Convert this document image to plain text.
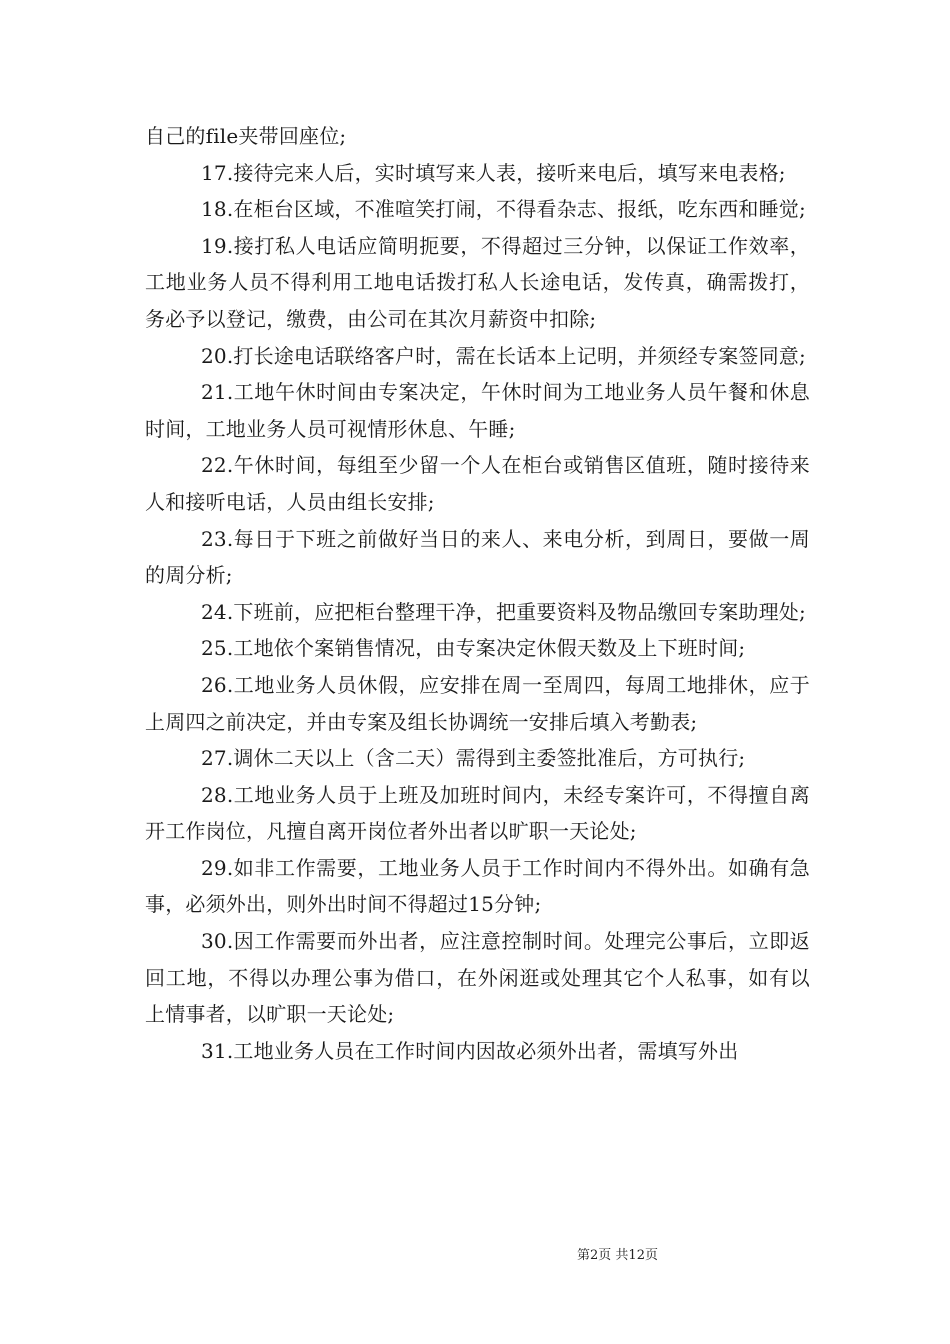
自己的file夹带回座位;

17.接待完来人后，实时填写来人表，接听来电后，填写来电表格;

18.在柜台区域，不准喧笑打闹，不得看杂志、报纸，吃东西和睡觉;

19.接打私人电话应简明扼要，不得超过三分钟，以保证工作效率，工地业务人员不得利用工地电话拨打私人长途电话，发传真，确需拨打，务必予以登记，缴费，由公司在其次月薪资中扣除;

20.打长途电话联络客户时，需在长话本上记明，并须经专案签同意;

21.工地午休时间由专案决定，午休时间为工地业务人员午餐和休息时间，工地业务人员可视情形休息、午睡;

22.午休时间，每组至少留一个人在柜台或销售区值班，随时接待来人和接听电话，人员由组长安排;

23.每日于下班之前做好当日的来人、来电分析，到周日，要做一周的周分析;

24.下班前，应把柜台整理干净，把重要资料及物品缴回专案助理处;

25.工地依个案销售情况，由专案决定休假天数及上下班时间;

26.工地业务人员休假，应安排在周一至周四，每周工地排休，应于上周四之前决定，并由专案及组长协调统一安排后填入考勤表;

27.调休二天以上（含二天）需得到主委签批准后，方可执行;

28.工地业务人员于上班及加班时间内，未经专案许可，不得擅自离开工作岗位，凡擅自离开岗位者外出者以旷职一天论处;

29.如非工作需要，工地业务人员于工作时间内不得外出。如确有急事，必须外出，则外出时间不得超过15分钟;

30.因工作需要而外出者，应注意控制时间。处理完公事后，立即返回工地，不得以办理公事为借口，在外闲逛或处理其它个人私事，如有以上情事者，以旷职一天论处;

31.工地业务人员在工作时间内因故必须外出者，需填写外出

第2页 共12页
